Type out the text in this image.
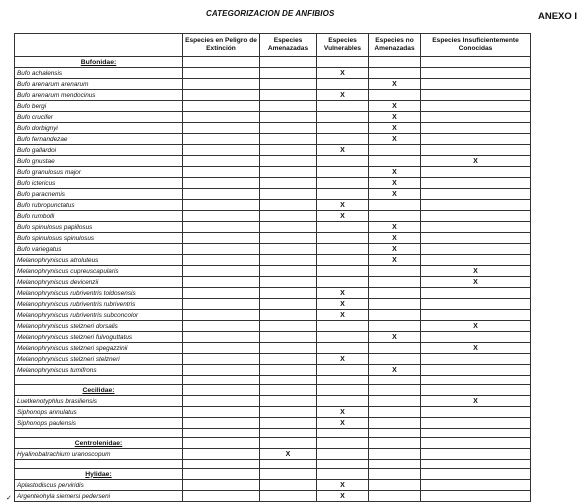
CATEGORIZACION DE ANFIBIOS	ANEXO I
	Especies en Peligro de Extinción	Especies Amenazadas	Especies Vulnerables	Especies no Amenazadas	Especies Insuficientemente Conocidas
Bufonidae:					
Bufo achalensis			X		
Bufo arenarum arenarum				X	
Bufo arenarum mendocinus			X		
Bufo bergi				X	
Bufo crucifer				X	
Bufo dorbignyi				X	
Bufo fernandezae				X	
Bufo gallardoi			X		
Bufo gnustae					X
Bufo granulosus major				X	
Bufo ictericus				X	
Bufo paracnemis				X	
Bufo rubropunctatus			X		
Bufo rumbolli			X		
Bufo spinulosus papillosus				X	
Bufo spinulosus spinulosus				X	
Bufo variegatus				X	
Melanophryniscus atroluteus				X	
Melanophryniscus cupreuscapularis					X
Melanophryniscus devicenzii					X
Melanophryniscus rubriventris toldosensis			X		
Melanophryniscus rubriventris rubriventris			X		
Melanophryniscus rubriventris subconcolor			X		
Melanophryniscus stelzneri dorsalis					X
Melanophryniscus stelzneri fulvoguttatus				X	
Melanophryniscus stelzneri spegazzinii					X
Melanophryniscus stelzneri stelzneri			X		
Melanophryniscus tumifrons				X	

Cecilidae:					
Luetkenotyphlus brasiliensis					X
Siphonops annulatus			X		
Siphonops paulensis			X		

Centrolenidae:					
Hyalinobatrachium uranoscopum		X			

Hylidae:					
Aplastodiscus perviridis			X		
Argenteohyla siemersi pederseni			X		
✓
